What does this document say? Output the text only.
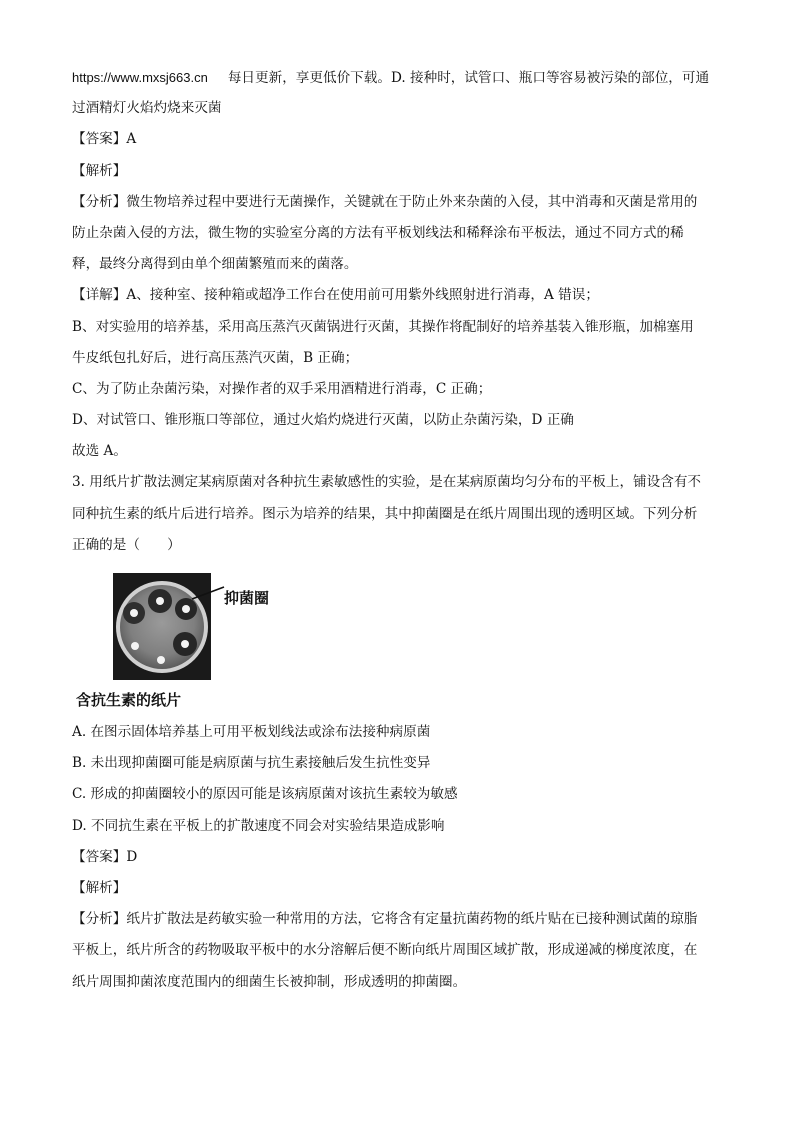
https://www.mxsj663.cn 每日更新，享更低价下载。D. 接种时，试管口、瓶口等容易被污染的部位，可通
过酒精灯火焰灼烧来灭菌
【答案】A
【解析】
【分析】微生物培养过程中要进行无菌操作，关键就在于防止外来杂菌的入侵，其中消毒和灭菌是常用的
防止杂菌入侵的方法，微生物的实验室分离的方法有平板划线法和稀释涂布平板法，通过不同方式的稀
释，最终分离得到由单个细菌繁殖而来的菌落。
【详解】A、接种室、接种箱或超净工作台在使用前可用紫外线照射进行消毒，A 错误；
B、对实验用的培养基，采用高压蒸汽灭菌锅进行灭菌，其操作将配制好的培养基装入锥形瓶，加棉塞用
牛皮纸包扎好后，进行高压蒸汽灭菌，B 正确；
C、为了防止杂菌污染，对操作者的双手采用酒精进行消毒，C 正确；
D、对试管口、锥形瓶口等部位，通过火焰灼烧进行灭菌，以防止杂菌污染，D 正确
故选 A。
3. 用纸片扩散法测定某病原菌对各种抗生素敏感性的实验，是在某病原菌均匀分布的平板上，铺设含有不
同种抗生素的纸片后进行培养。图示为培养的结果，其中抑菌圈是在纸片周围出现的透明区域。下列分析
正确的是（　　）
抑菌圈
含抗生素的纸片
A. 在图示固体培养基上可用平板划线法或涂布法接种病原菌
B. 未出现抑菌圈可能是病原菌与抗生素接触后发生抗性变异
C. 形成的抑菌圈较小的原因可能是该病原菌对该抗生素较为敏感
D. 不同抗生素在平板上的扩散速度不同会对实验结果造成影响
【答案】D
【解析】
【分析】纸片扩散法是药敏实验一种常用的方法，它将含有定量抗菌药物的纸片贴在已接种测试菌的琼脂
平板上，纸片所含的药物吸取平板中的水分溶解后便不断向纸片周围区域扩散，形成递减的梯度浓度，在
纸片周围抑菌浓度范围内的细菌生长被抑制，形成透明的抑菌圈。
